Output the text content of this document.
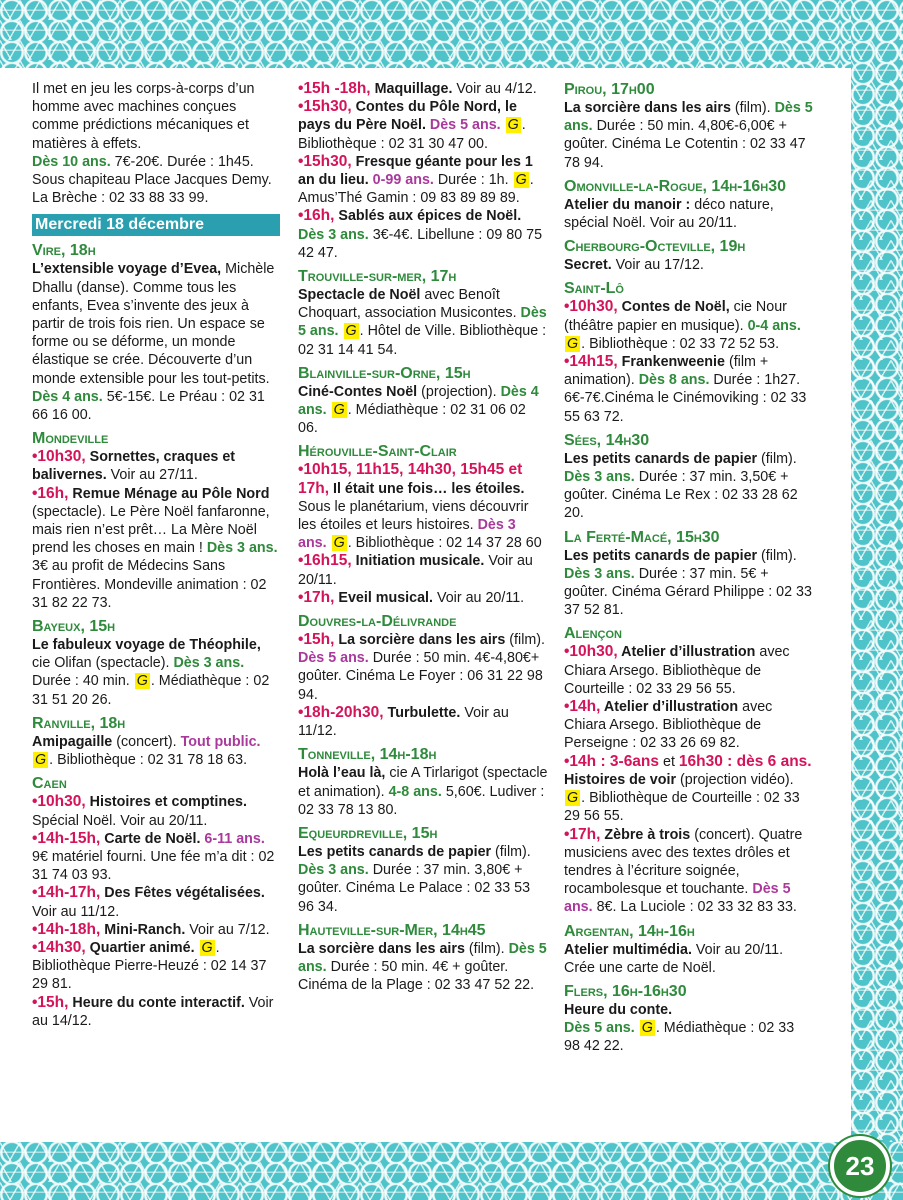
23
Il met en jeu les corps-à-corps d’un homme avec machines conçues comme prédictions mécaniques et matières à effets.
Dès 10 ans. 7€-20€. Durée : 1h45. Sous chapiteau Place Jacques Demy. La Brèche : 02 33 88 33 99.
Mercredi 18 décembre
Vire, 18h
L’extensible voyage d’Evea, Michèle Dhallu (danse). Comme tous les enfants, Evea s’invente des jeux à partir de trois fois rien. Un espace se forme ou se déforme, un monde élastique se crée. Découverte d’un monde extensible pour les tout-petits. Dès 4 ans. 5€-15€. Le Préau : 02 31 66 16 00.
Mondeville
•10h30, Sornettes, craques et balivernes. Voir au 27/11.
•16h, Remue Ménage au Pôle Nord (spectacle). Le Père Noël fanfaronne, mais rien n’est prêt… La Mère Noël prend les choses en main ! Dès 3 ans. 3€ au profit de Médecins Sans Frontières. Mondeville animation : 02 31 82 22 73.
Bayeux, 15h
Le fabuleux voyage de Théophile, cie Olifan (spectacle). Dès 3 ans. Durée : 40 min. G . Médiathèque : 02 31 51 20 26.
Ranville, 18h
Amipagaille (concert). Tout public. G . Bibliothèque : 02 31 78 18 63.
Caen
•10h30, Histoires et comptines. Spécial Noël. Voir au 20/11.
•14h-15h, Carte de Noël. 6-11 ans. 9€ matériel fourni. Une fée m’a dit : 02 31 74 03 93.
•14h-17h, Des Fêtes végétalisées. Voir au 11/12.
•14h-18h, Mini-Ranch. Voir au 7/12.
•14h30, Quartier animé. G . Bibliothèque Pierre-Heuzé : 02 14 37 29 81.
•15h, Heure du conte interactif. Voir au 14/12.
•15h -18h, Maquillage. Voir au 4/12.
•15h30, Contes du Pôle Nord, le pays du Père Noël. Dès 5 ans. G . Bibliothèque : 02 31 30 47 00.
•15h30, Fresque géante pour les 1 an du lieu. 0-99 ans. Durée : 1h. G . Amus’Thé Gamin : 09 83 89 89 89.
•16h, Sablés aux épices de Noël. Dès 3 ans. 3€-4€. Libellune : 09 80 75 42 47.
Trouville-sur-mer, 17h
Spectacle de Noël avec Benoît Choquart, association Musicontes. Dès 5 ans. G . Hôtel de Ville. Bibliothèque : 02 31 14 41 54.
Blainville-sur-Orne, 15h
Ciné-Contes Noël (projection). Dès 4 ans. G . Médiathèque : 02 31 06 02 06.
Hérouville-Saint-Clair
•10h15, 11h15, 14h30, 15h45 et 17h, Il était une fois… les étoiles. Sous le planétarium, viens découvrir les étoiles et leurs histoires. Dès 3 ans. G . Bibliothèque : 02 14 37 28 60
•16h15, Initiation musicale. Voir au 20/11.
•17h, Eveil musical. Voir au 20/11.
Douvres-la-Délivrande
•15h, La sorcière dans les airs (film). Dès 5 ans. Durée : 50 min. 4€-4,80€+ goûter. Cinéma Le Foyer : 06 31 22 98 94.
•18h-20h30, Turbulette. Voir au 11/12.
Tonneville, 14h-18h
Holà l’eau là, cie A Tirlarigot (spectacle et animation). 4-8 ans. 5,60€. Ludiver : 02 33 78 13 80.
Equeurdreville, 15h
Les petits canards de papier (film). Dès 3 ans. Durée : 37 min. 3,80€ + goûter. Cinéma Le Palace : 02 33 53 96 34.
Hauteville-sur-Mer, 14h45
La sorcière dans les airs (film). Dès 5 ans. Durée : 50 min. 4€ + goûter. Cinéma de la Plage : 02 33 47 52 22.
Pirou, 17h00
La sorcière dans les airs (film). Dès 5 ans. Durée : 50 min. 4,80€-6,00€ + goûter. Cinéma Le Cotentin : 02 33 47 78 94.
Omonville-la-Rogue, 14h-16h30
Atelier du manoir : déco nature, spécial Noël. Voir au 20/11.
Cherbourg-Octeville, 19h
Secret. Voir au 17/12.
Saint-Lô
•10h30, Contes de Noël, cie Nour (théâtre papier en musique). 0-4 ans. G . Bibliothèque : 02 33 72 52 53.
•14h15, Frankenweenie (film + animation). Dès 8 ans. Durée : 1h27. 6€-7€.Cinéma le Cinémoviking : 02 33 55 63 72.
Sées, 14h30
Les petits canards de papier (film). Dès 3 ans. Durée : 37 min. 3,50€ + goûter. Cinéma Le Rex : 02 33 28 62 20.
La Ferté-Macé, 15h30
Les petits canards de papier (film). Dès 3 ans. Durée : 37 min. 5€ + goûter. Cinéma Gérard Philippe : 02 33 37 52 81.
Alençon
•10h30, Atelier d’illustration avec Chiara Arsego. Bibliothèque de Courteille : 02 33 29 56 55.
•14h, Atelier d’illustration avec Chiara Arsego. Bibliothèque de Perseigne : 02 33 26 69 82.
•14h : 3-6ans et 16h30 : dès 6 ans. Histoires de voir (projection vidéo). G . Bibliothèque de Courteille : 02 33 29 56 55.
•17h, Zèbre à trois (concert). Quatre musiciens avec des textes drôles et tendres à l’écriture soignée, rocambolesque et touchante. Dès 5 ans. 8€. La Luciole : 02 33 32 83 33.
Argentan, 14h-16h
Atelier multimédia. Voir au 20/11. Crée une carte de Noël.
Flers, 16h-16h30
Heure du conte.
Dès 5 ans. G . Médiathèque : 02 33 98 42 22.
